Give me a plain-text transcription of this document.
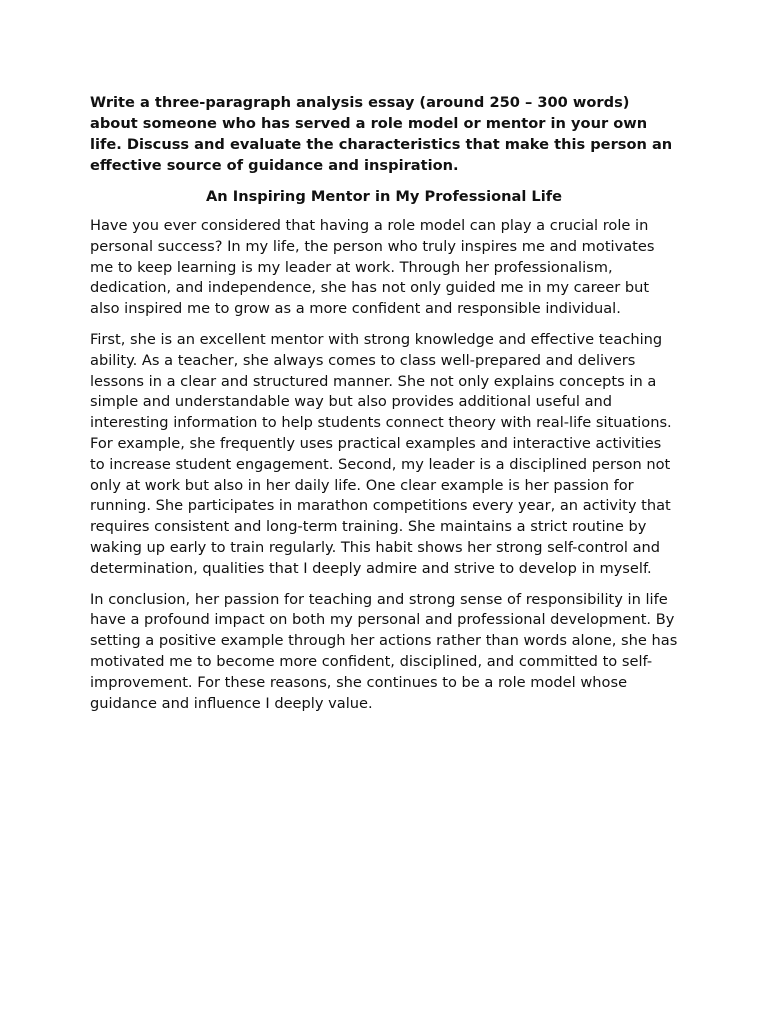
Write a three-paragraph analysis essay (around 250 – 300 words) about someone who has served a role model or mentor in your own life. Discuss and evaluate the characteristics that make this person an effective source of guidance and inspiration.

An Inspiring Mentor in My Professional Life

Have you ever considered that having a role model can play a crucial role in personal success? In my life, the person who truly inspires me and motivates me to keep learning is my leader at work. Through her professionalism, dedication, and independence, she has not only guided me in my career but also inspired me to grow as a more confident and responsible individual.

First, she is an excellent mentor with strong knowledge and effective teaching ability. As a teacher, she always comes to class well-prepared and delivers lessons in a clear and structured manner. She not only explains concepts in a simple and understandable way but also provides additional useful and interesting information to help students connect theory with real-life situations. For example, she frequently uses practical examples and interactive activities to increase student engagement. Second, my leader is a disciplined person not only at work but also in her daily life. One clear example is her passion for running. She participates in marathon competitions every year, an activity that requires consistent and long-term training. She maintains a strict routine by waking up early to train regularly. This habit shows her strong self-control and determination, qualities that I deeply admire and strive to develop in myself.

In conclusion, her passion for teaching and strong sense of responsibility in life have a profound impact on both my personal and professional development. By setting a positive example through her actions rather than words alone, she has motivated me to become more confident, disciplined, and committed to self-improvement. For these reasons, she continues to be a role model whose guidance and influence I deeply value.
